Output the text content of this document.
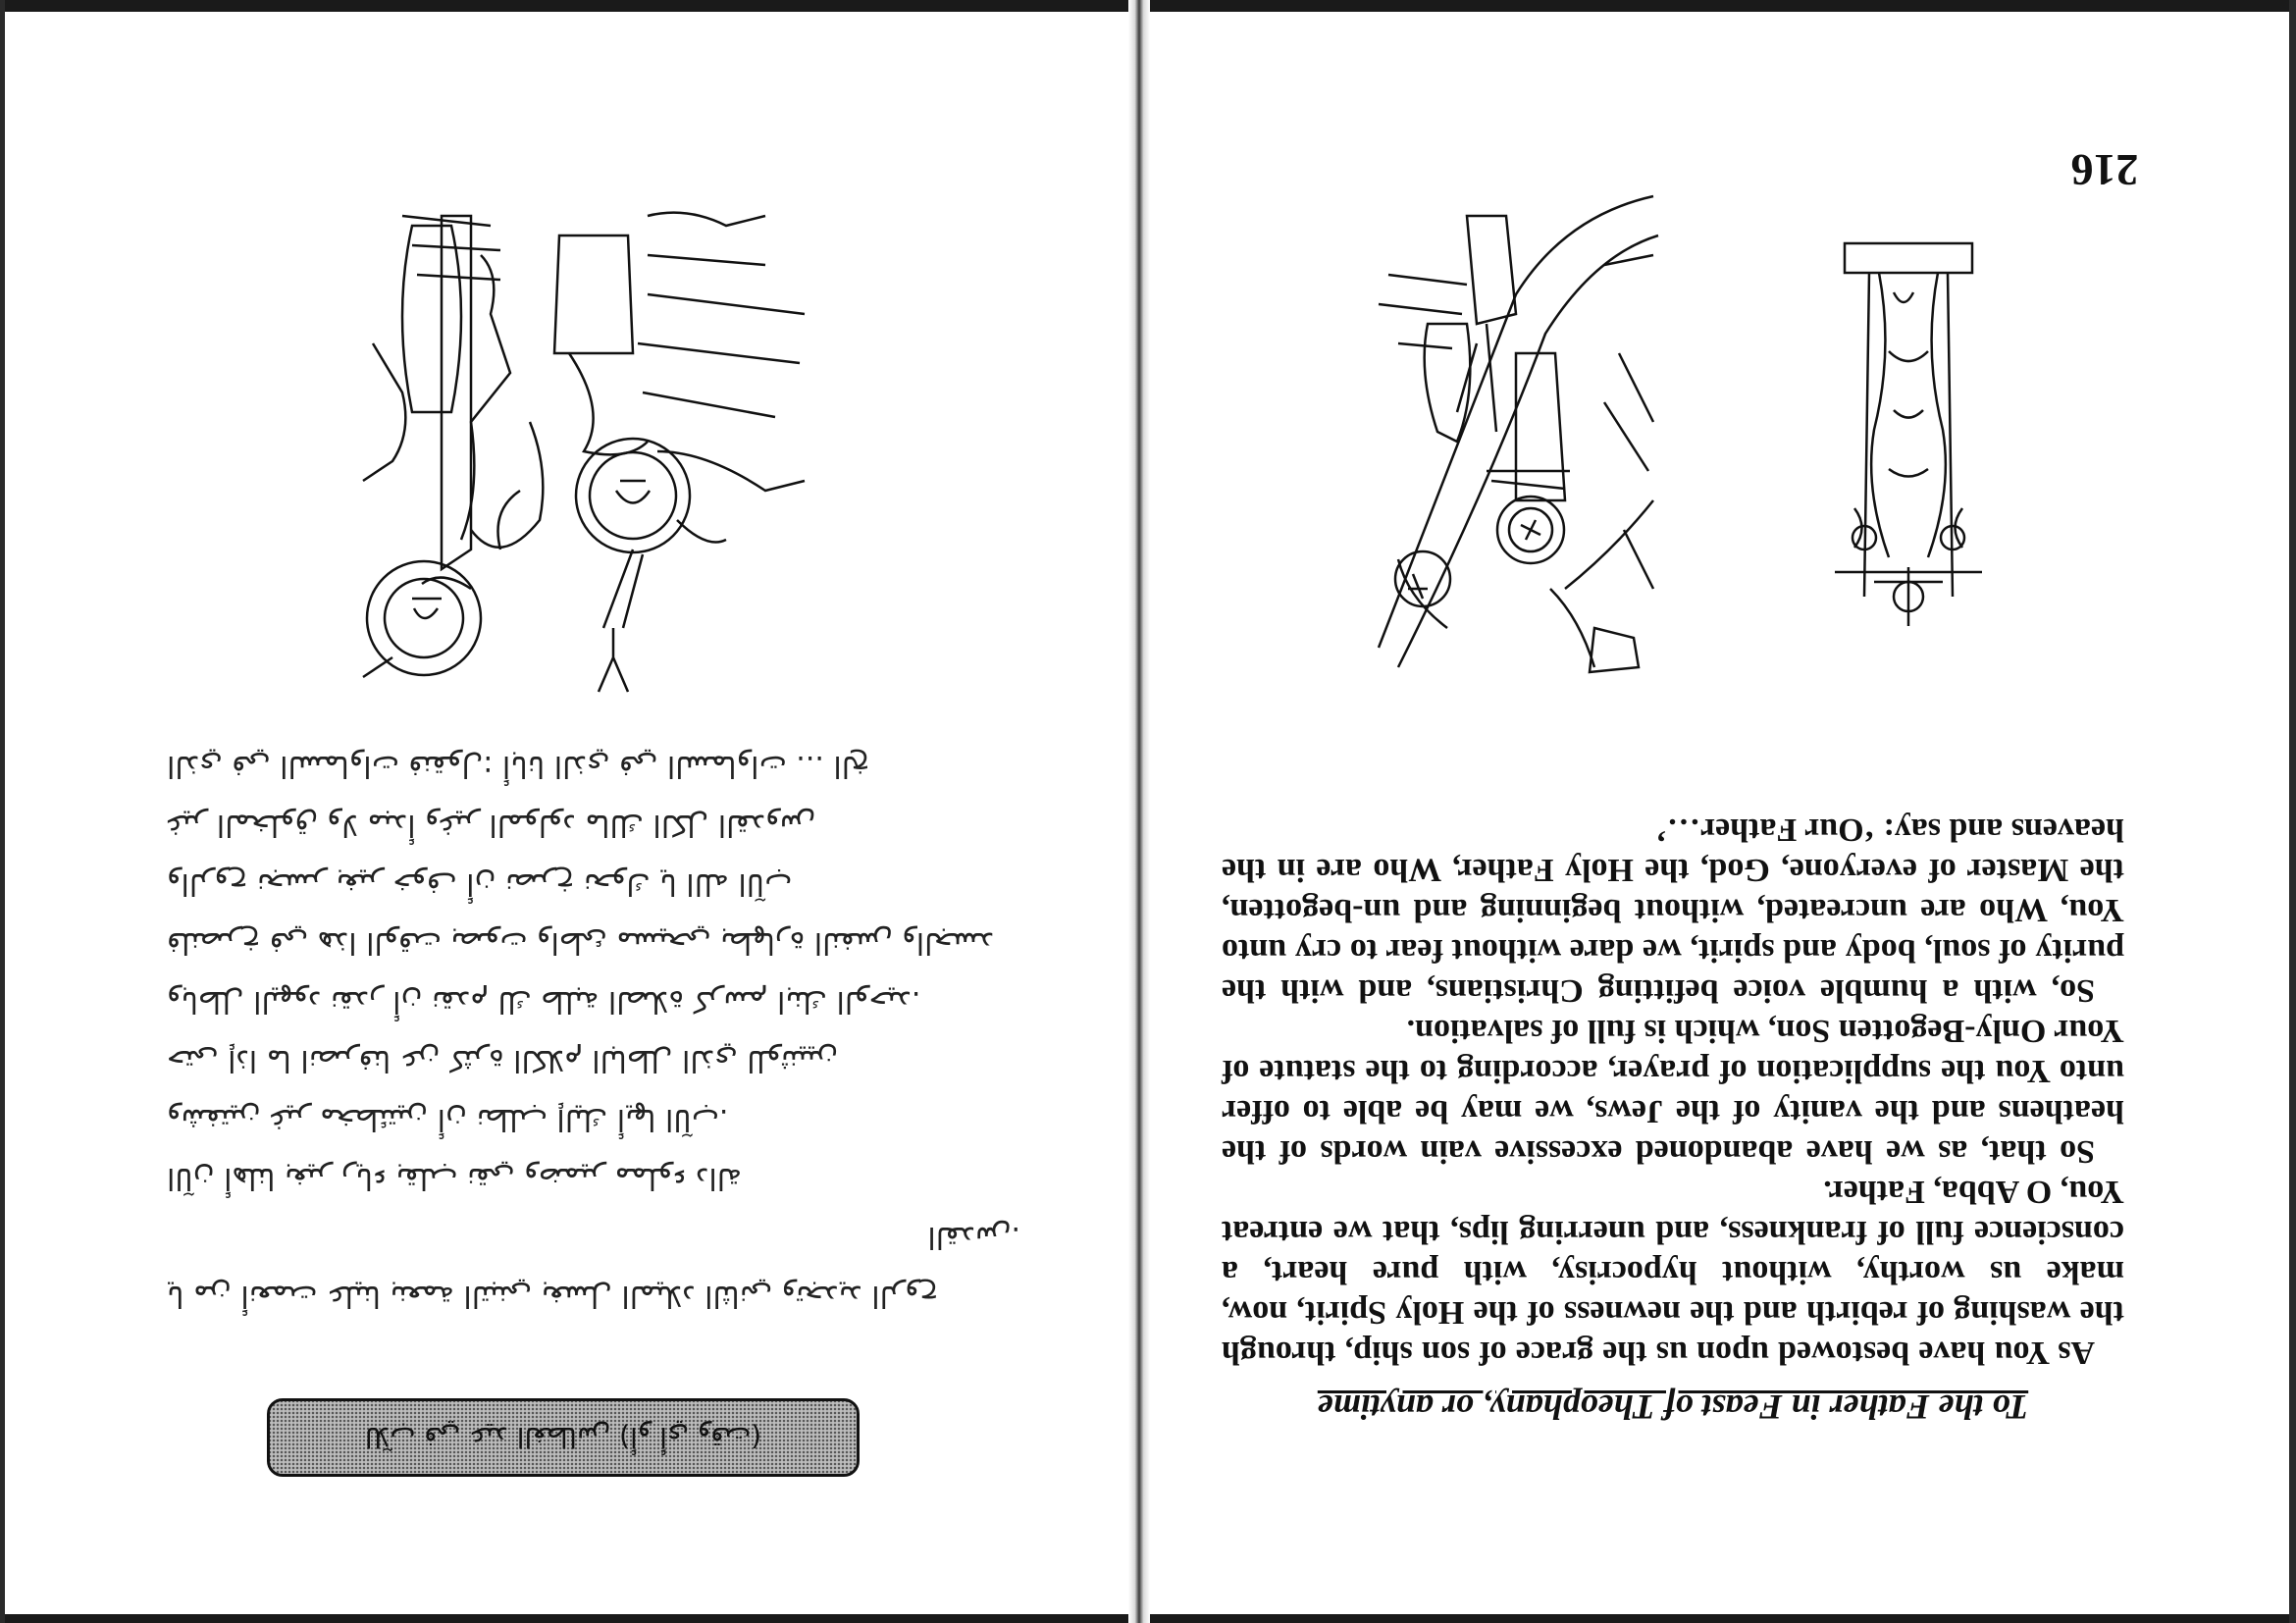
216
To the Father in Feast of Theophany, or anytime

As You have bestowed upon us the grace of son ship, through the washing of rebirth and the newness of the Holy Spirit, now, make us worthy, without hypocrisy, with pure heart, a conscience full of frankness, and unerring lips, that we entreat You, O Abba, Father.

So that, as we have abandoned excessive vain words of the heathens and the vanity of the Jews, we may be able to offer unto You the supplication of prayer, according to the statute of Your Only-Begotten Son, which is full of salvation.

So, with a humble voice befitting Christians, and with the purity of soul, body and spirit, we dare without fear to cry unto You, Who are uncreated, without beginning and un-begotten, the Master of everyone, God, the Holy Father, Who are in the heavens and say: ‘Our Father…’

يا من أنعمت علينا بنعمة التبني بغسل الميلاد الثاني وتجديد الروح
القدس.
الآن أهلنا بغير رياء بقلب نقي وضمير مملوء دالة
وشفتين غير مخطئتين أن نطلب إليك أيها الآب.
حتى إذا ما انصرفنا عن كثرة الكلام الباطل الذي للوثنيين
وباطل اليهود نقدر أن نقدم لك طلبة الصلاة كرسم ابنك الوحيد.
فلنصرخ في هذا الوقت بصوت واطئ مسيحي بطهارة النفس والجسد
والروح نجسر بغير خوف أن نصرخ نحوك يا الله الآب
غير المخلوق ولا مبدأ وغير المولود مالك الكل القدوس
الذي في السماوات فنقول: أبانا الذي في السماوات ... الخ
للآب في عيد الغطاس (أو أي وقت)
